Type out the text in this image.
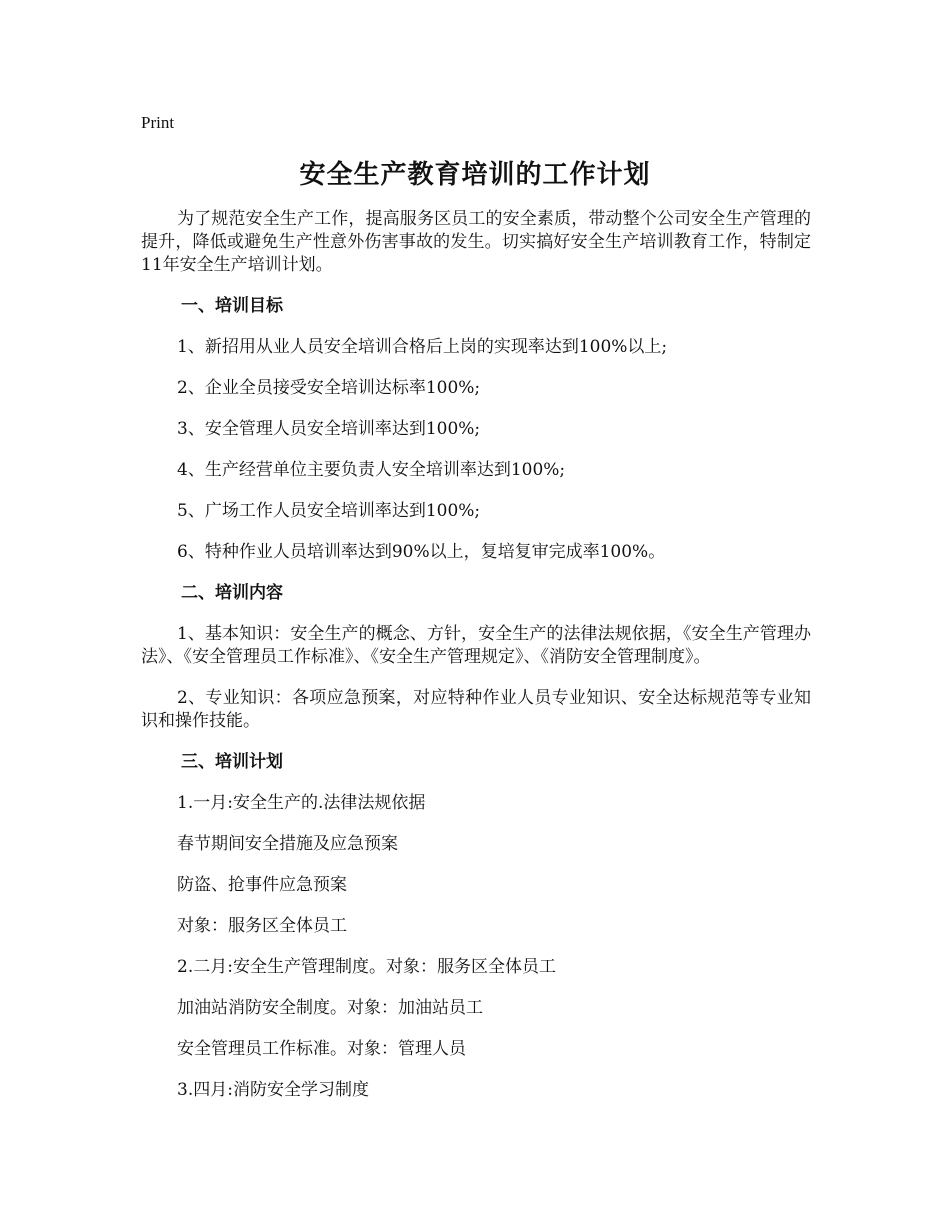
Print
安全生产教育培训的工作计划

为了规范安全生产工作，提高服务区员工的安全素质，带动整个公司安全生产管理的提升，降低或避免生产性意外伤害事故的发生。切实搞好安全生产培训教育工作，特制定11年安全生产培训计划。

一、培训目标

1、新招用从业人员安全培训合格后上岗的实现率达到100%以上;

2、企业全员接受安全培训达标率100%;

3、安全管理人员安全培训率达到100%;

4、生产经营单位主要负责人安全培训率达到100%;

5、广场工作人员安全培训率达到100%;

6、特种作业人员培训率达到90%以上，复培复审完成率100%。

二、培训内容

1、基本知识：安全生产的概念、方针，安全生产的法律法规依据，《安全生产管理办法》、《安全管理员工作标准》、《安全生产管理规定》、《消防安全管理制度》。

2、专业知识：各项应急预案，对应特种作业人员专业知识、安全达标规范等专业知识和操作技能。

三、培训计划

1.一月:安全生产的.法律法规依据

春节期间安全措施及应急预案

防盗、抢事件应急预案

对象：服务区全体员工

2.二月:安全生产管理制度。对象：服务区全体员工

加油站消防安全制度。对象：加油站员工

安全管理员工作标准。对象：管理人员

3.四月:消防安全学习制度
